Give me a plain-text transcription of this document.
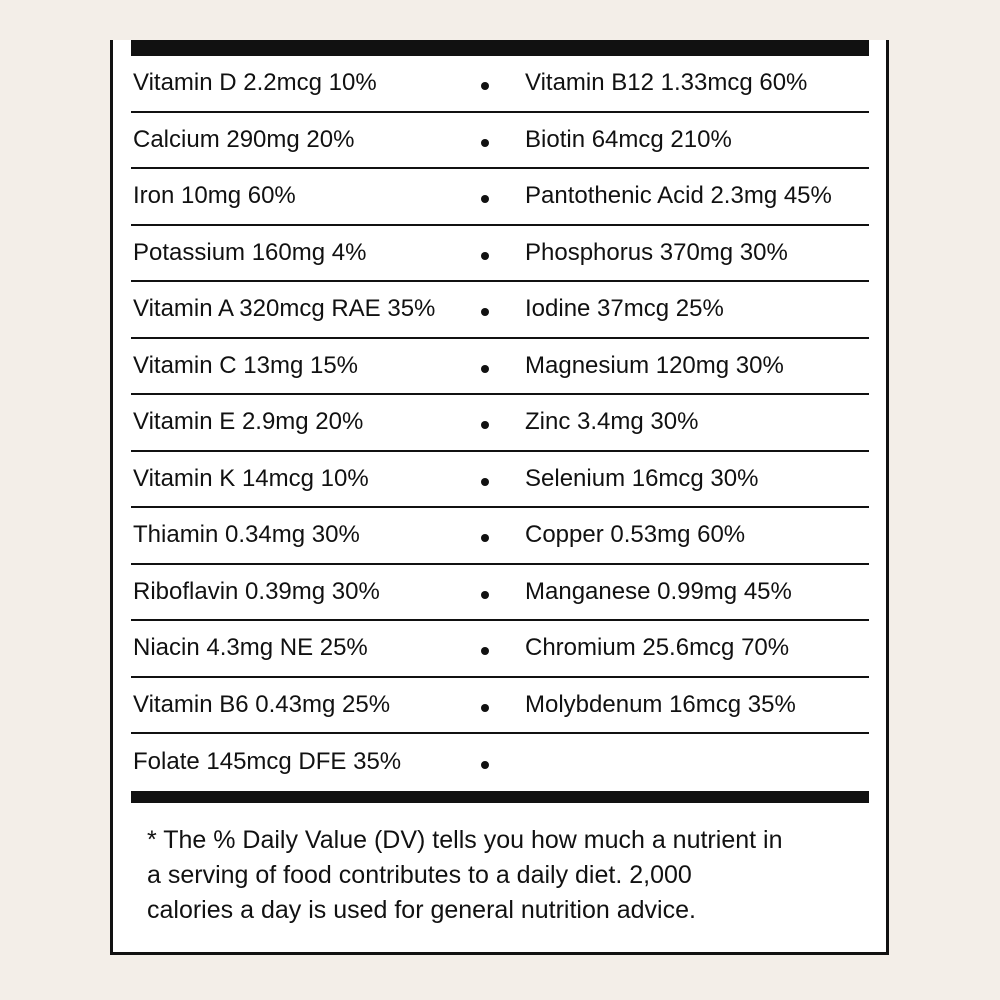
Vitamin D 2.2mcg 10%	Vitamin B12 1.33mcg 60%
Calcium 290mg 20%	Biotin 64mcg 210%
Iron 10mg 60%	Pantothenic Acid 2.3mg 45%
Potassium 160mg 4%	Phosphorus 370mg 30%
Vitamin A 320mcg RAE 35%	Iodine 37mcg 25%
Vitamin C 13mg 15%	Magnesium 120mg 30%
Vitamin E 2.9mg 20%	Zinc 3.4mg 30%
Vitamin K 14mcg 10%	Selenium 16mcg 30%
Thiamin 0.34mg 30%	Copper 0.53mg 60%
Riboflavin 0.39mg 30%	Manganese 0.99mg 45%
Niacin 4.3mg NE 25%	Chromium 25.6mcg 70%
Vitamin B6 0.43mg 25%	Molybdenum 16mcg 35%
Folate 145mcg DFE 35%
* The % Daily Value (DV) tells you how much a nutrient in
a serving of food contributes to a daily diet. 2,000
calories a day is used for general nutrition advice.
